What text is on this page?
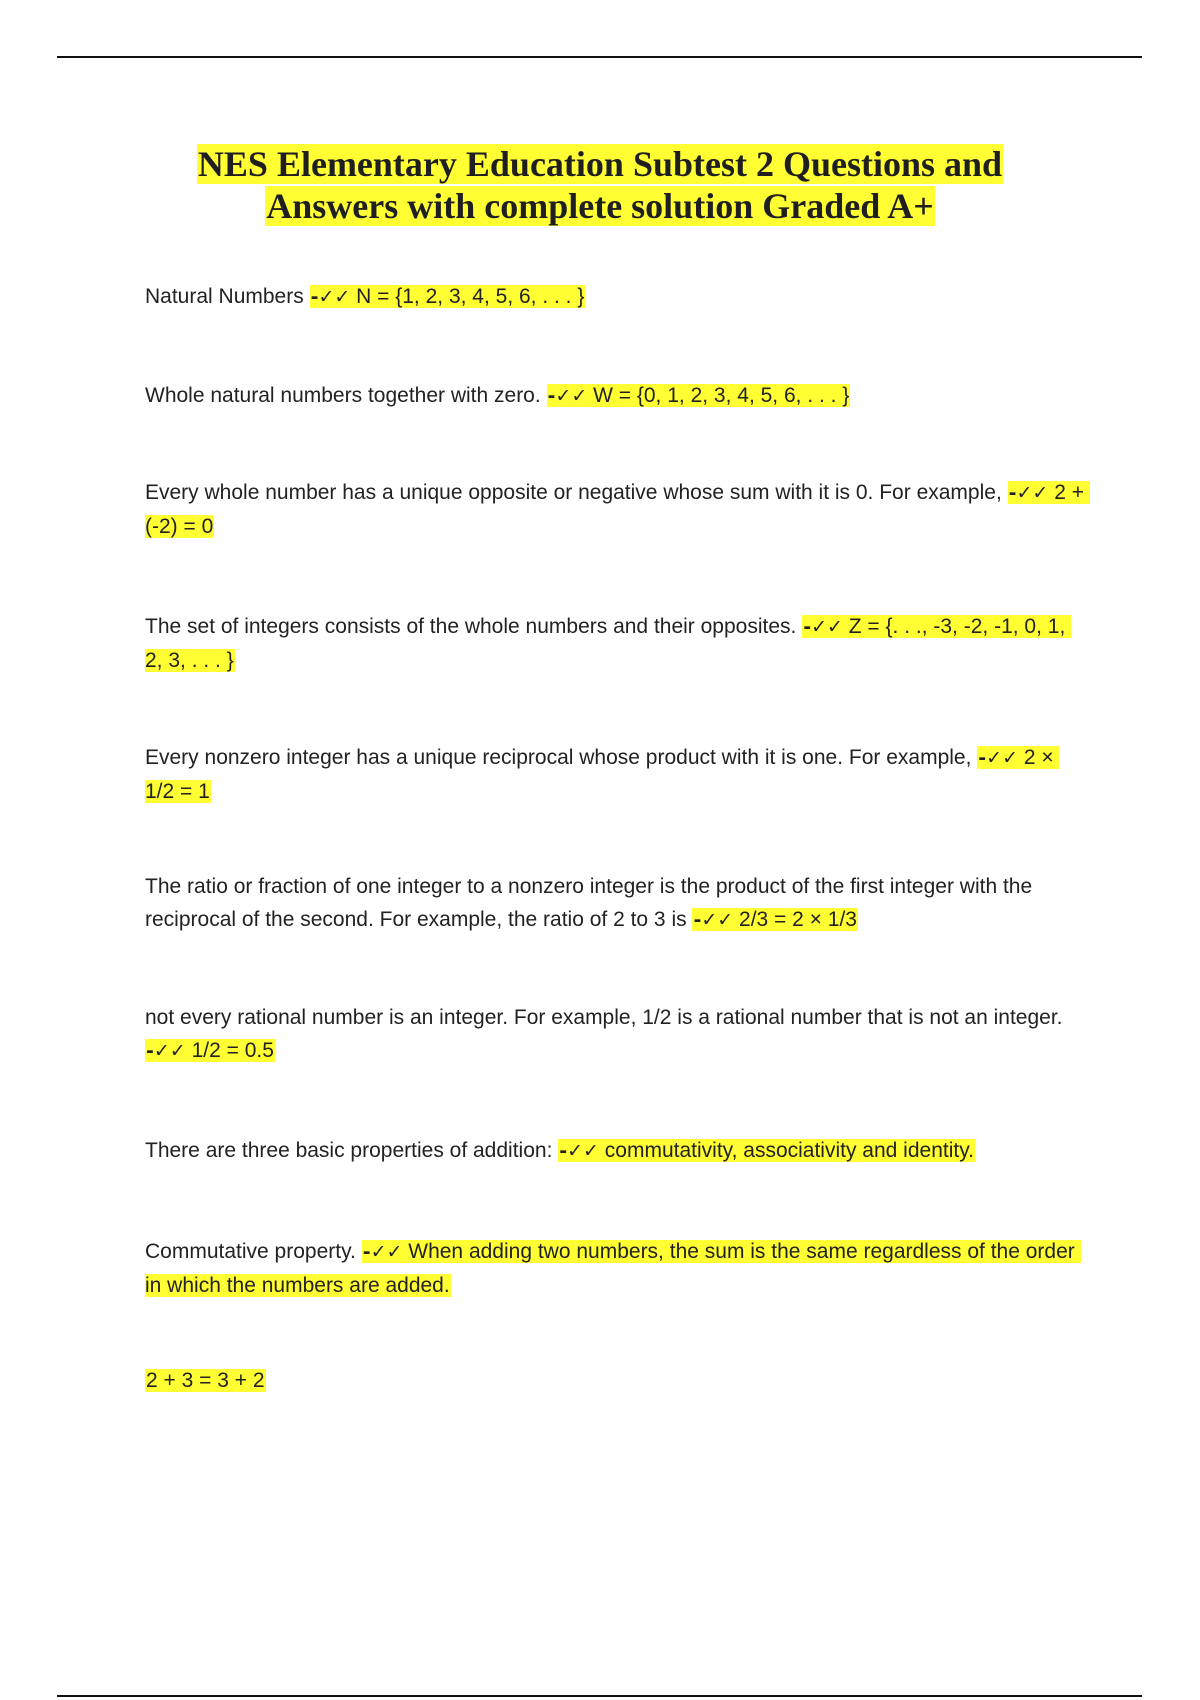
NES Elementary Education Subtest 2 Questions and
Answers with complete solution Graded A+
Natural Numbers -✓✓ N = {1, 2, 3, 4, 5, 6, . . . }
Whole natural numbers together with zero. -✓✓ W = {0, 1, 2, 3, 4, 5, 6, . . . }
Every whole number has a unique opposite or negative whose sum with it is 0. For example, -✓✓ 2 + (-2) = 0
The set of integers consists of the whole numbers and their opposites. -✓✓ Z = {. . ., -3, -2, -1, 0, 1, 2, 3, . . . }
Every nonzero integer has a unique reciprocal whose product with it is one. For example, -✓✓ 2 × 1/2 = 1
The ratio or fraction of one integer to a nonzero integer is the product of the first integer with the reciprocal of the second. For example, the ratio of 2 to 3 is -✓✓ 2/3 = 2 × 1/3
not every rational number is an integer. For example, 1/2 is a rational number that is not an integer. -✓✓ 1/2 = 0.5
There are three basic properties of addition: -✓✓ commutativity, associativity and identity.
Commutative property. -✓✓ When adding two numbers, the sum is the same regardless of the order in which the numbers are added.
2 + 3 = 3 + 2
